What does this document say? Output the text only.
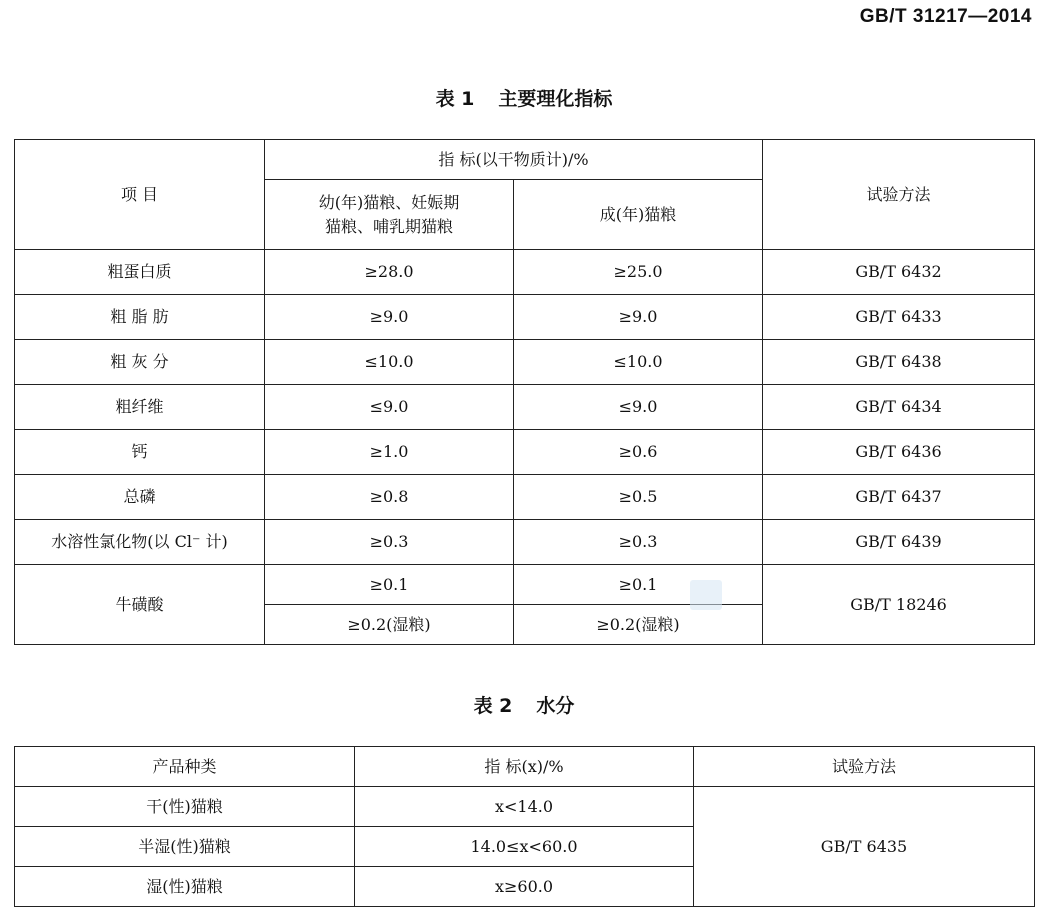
GB/T 31217—2014
表 1 主要理化指标
项 目	指 标(以干物质计)/%		试验方法

	幼(年)猫粮、妊娠期
猫粮、哺乳期猫粮	成(年)猫粮	
粗蛋白质	≥28.0	≥25.0	GB/T 6432
粗 脂 肪	≥9.0	≥9.0	GB/T 6433
粗 灰 分	≤10.0	≤10.0	GB/T 6438
粗纤维	≤9.0	≤9.0	GB/T 6434
钙	≥1.0	≥0.6	GB/T 6436
总磷	≥0.8	≥0.5	GB/T 6437
水溶性氯化物(以 Cl⁻ 计)	≥0.3	≥0.3	GB/T 6439
牛磺酸	≥0.1	≥0.1	GB/T 18246
	≥0.2(湿粮)	≥0.2(湿粮)	
表 2 水分
产品种类	指 标(x)/%	试验方法
干(性)猫粮	x<14.0	GB/T 6435
半湿(性)猫粮	14.0≤x<60.0	
湿(性)猫粮	x≥60.0	
